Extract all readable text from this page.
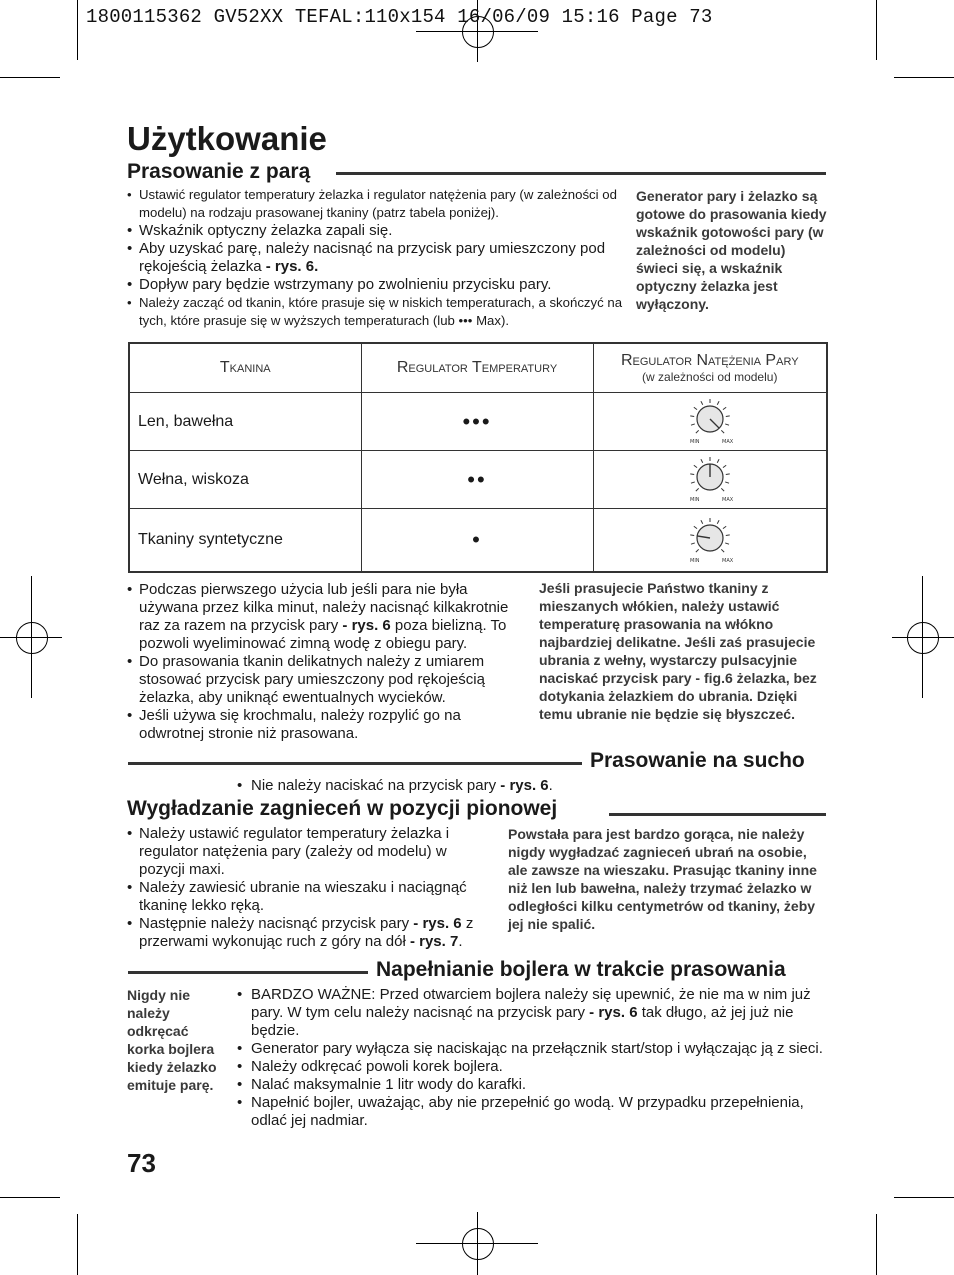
1800115362 GV52XX TEFAL:110x154 16/06/09 15:16 Page 73
Użytkowanie
Prasowanie z parą
• Ustawić regulator temperatury żelazka i regulator natężenia pary (w zależności od modelu) na rodzaju prasowanej tkaniny (patrz tabela poniżej).
• Wskaźnik optyczny żelazka zapali się.
• Aby uzyskać parę, należy nacisnąć na przycisk pary umieszczony pod rękojeścią żelazka - rys. 6.
• Dopływ pary będzie wstrzymany po zwolnieniu przycisku pary.
• Należy zacząć od tkanin, które prasuje się w niskich temperaturach, a skończyć na tych, które prasuje się w wyższych temperaturach (lub ••• Max).
Generator pary i żelazko są gotowe do prasowania kiedy wskaźnik gotowości pary (w zależności od modelu) świeci się, a wskaźnik optyczny żelazka jest wyłączony.
Tkanina	Regulator Temperatury	Regulator Natężenia Pary
(w zależności od modelu)

Len, bawełna	•••	MIN MAX

Wełna, wiskoza	••	MIN MAX

Tkaniny syntetyczne	•	MIN MAX
• Podczas pierwszego użycia lub jeśli para nie była używana przez kilka minut, należy nacisnąć kilkakrotnie raz za razem na przycisk pary - rys. 6 poza bielizną. To pozwoli wyeliminować zimną wodę z obiegu pary.
• Do prasowania tkanin delikatnych należy z umiarem stosować przycisk pary umieszczony pod rękojeścią żelazka, aby uniknąć ewentualnych wycieków.
• Jeśli używa się krochmalu, należy rozpylić go na odwrotnej stronie niż prasowana.
Jeśli prasujecie Państwo tkaniny z mieszanych włókien, należy ustawić temperaturę prasowania na włókno najbardziej delikatne. Jeśli zaś prasujecie ubrania z wełny, wystarczy pulsacyjnie naciskać przycisk pary - fig.6 żelazka, bez dotykania żelazkiem do ubrania. Dzięki temu ubranie nie będzie się błyszczeć.
Prasowanie na sucho
• Nie należy naciskać na przycisk pary - rys. 6.
Wygładzanie zagnieceń w pozycji pionowej
• Należy ustawić regulator temperatury żelazka i regulator natężenia pary (zależy od modelu) w pozycji maxi.
• Należy zawiesić ubranie na wieszaku i naciągnąć tkaninę lekko ręką.
• Następnie należy nacisnąć przycisk pary - rys. 6 z przerwami wykonując ruch z góry na dół - rys. 7.
Powstała para jest bardzo gorąca, nie należy nigdy wygładzać zagnieceń ubrań na osobie, ale zawsze na wieszaku. Prasując tkaniny inne niż len lub bawełna, należy trzymać żelazko w odległości kilku centymetrów od tkaniny, żeby jej nie spalić.
Napełnianie bojlera w trakcie prasowania
Nigdy nie należy odkręcać korka bojlera kiedy żelazko emituje parę.
• BARDZO WAŻNE: Przed otwarciem bojlera należy się upewnić, że nie ma w nim już pary. W tym celu należy nacisnąć na przycisk pary - rys. 6 tak długo, aż jej już nie będzie.
• Generator pary wyłącza się naciskając na przełącznik start/stop i wyłączając ją z sieci.
• Należy odkręcać powoli korek bojlera.
• Nalać maksymalnie 1 litr wody do karafki.
• Napełnić bojler, uważając, aby nie przepełnić go wodą. W przypadku przepełnienia, odlać jej nadmiar.
73
